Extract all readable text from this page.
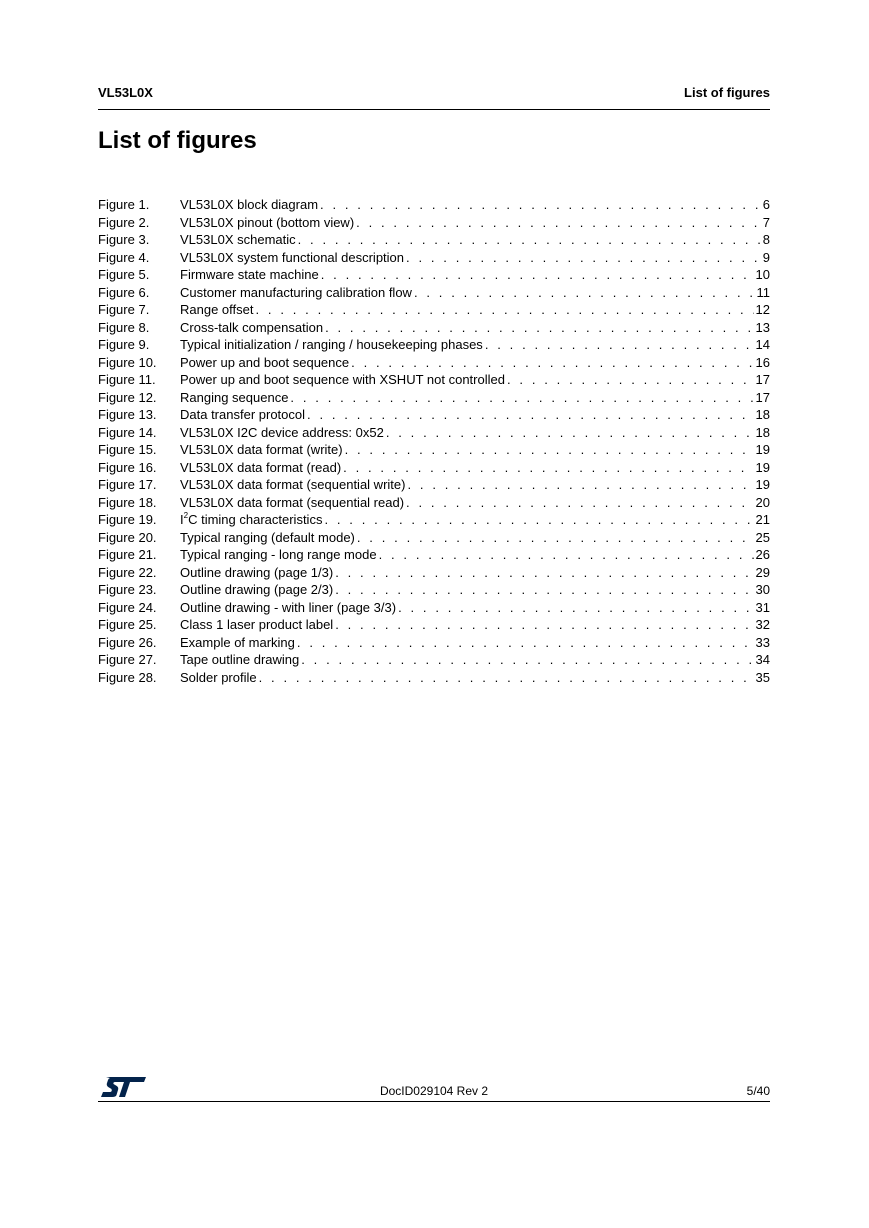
VL53L0X	List of figures
List of figures
Figure 1.	VL53L0X block diagram . . .	6
Figure 2.	VL53L0X pinout (bottom view) . . .	7
Figure 3.	VL53L0X schematic . . .	8
Figure 4.	VL53L0X system functional description . . .	9
Figure 5.	Firmware state machine . . .	10
Figure 6.	Customer manufacturing calibration flow . . .	11
Figure 7.	Range offset . . .	12
Figure 8.	Cross-talk compensation . . .	13
Figure 9.	Typical initialization / ranging / housekeeping phases . . .	14
Figure 10.	Power up and boot sequence . . .	16
Figure 11.	Power up and boot sequence with XSHUT not controlled . . .	17
Figure 12.	Ranging sequence . . .	17
Figure 13.	Data transfer protocol . . .	18
Figure 14.	VL53L0X I2C device address: 0x52 . . .	18
Figure 15.	VL53L0X data format (write) . . .	19
Figure 16.	VL53L0X data format (read) . . .	19
Figure 17.	VL53L0X data format (sequential write) . . .	19
Figure 18.	VL53L0X data format (sequential read) . . .	20
Figure 19.	$I^2C$ timing characteristics . . .	21
Figure 20.	Typical ranging (default mode) . . .	25
Figure 21.	Typical ranging - long range mode . . .	26
Figure 22.	Outline drawing (page 1/3) . . .	29
Figure 23.	Outline drawing (page 2/3) . . .	30
Figure 24.	Outline drawing - with liner (page 3/3) . . .	31
Figure 25.	Class 1 laser product label . . .	32
Figure 26.	Example of marking . . .	33
Figure 27.	Tape outline drawing . . .	34
Figure 28.	Solder profile . . .	35
DocID029104 Rev 2	5/40
